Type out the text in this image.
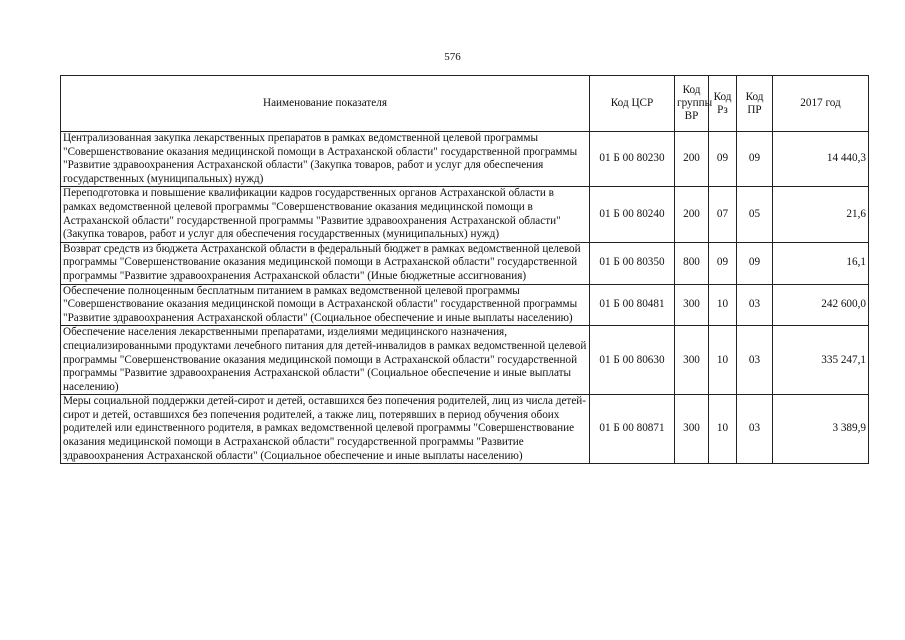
576
Наименование показателя	Код ЦСР	Код группы ВР	Код Рз	Код ПР	2017 год
Централизованная закупка лекарственных препаратов в рамках ведомственной целевой программы "Совершенствование оказания медицинской помощи в Астраханской области" государственной программы "Развитие здравоохранения Астраханской области" (Закупка товаров, работ и услуг для обеспечения государственных (муниципальных) нужд)	01 Б 00 80230	200	09	09	14 440,3
Переподготовка и повышение квалификации кадров государственных органов Астраханской области в рамках ведомственной целевой программы "Совершенствование оказания медицинской помощи в Астраханской области" государственной программы "Развитие здравоохранения Астраханской области" (Закупка товаров, работ и услуг для обеспечения государственных (муниципальных) нужд)	01 Б 00 80240	200	07	05	21,6
Возврат средств из бюджета Астраханской области в федеральный бюджет в рамках ведомственной целевой программы "Совершенствование оказания медицинской помощи в Астраханской области" государственной программы "Развитие здравоохранения Астраханской области" (Иные бюджетные ассигнования)	01 Б 00 80350	800	09	09	16,1
Обеспечение полноценным бесплатным питанием в рамках ведомственной целевой программы "Совершенствование оказания медицинской помощи в Астраханской области" государственной программы "Развитие здравоохранения Астраханской области" (Социальное обеспечение и иные выплаты населению)	01 Б 00 80481	300	10	03	242 600,0
Обеспечение населения лекарственными препаратами, изделиями медицинского назначения, специализированными продуктами лечебного питания для детей-инвалидов в рамках ведомственной целевой программы "Совершенствование оказания медицинской помощи в Астраханской области" государственной программы "Развитие здравоохранения Астраханской области" (Социальное обеспечение и иные выплаты населению)	01 Б 00 80630	300	10	03	335 247,1
Меры социальной поддержки детей-сирот и детей, оставшихся без попечения родителей, лиц из числа детей-сирот и детей, оставшихся без попечения родителей, а также лиц, потерявших в период обучения обоих родителей или единственного родителя, в рамках ведомственной целевой программы "Совершенствование оказания медицинской помощи в Астраханской области" государственной программы "Развитие здравоохранения Астраханской области" (Социальное обеспечение и иные выплаты населению)	01 Б 00 80871	300	10	03	3 389,9
